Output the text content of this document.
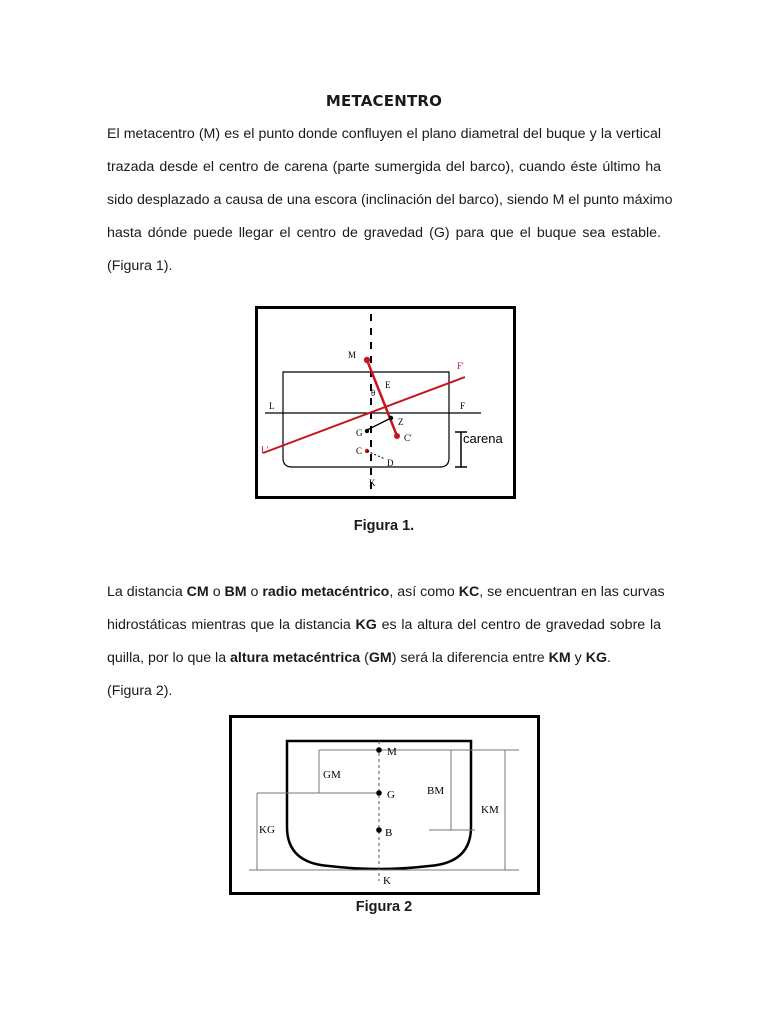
METACENTRO
El metacentro (M) es el punto donde confluyen el plano diametral del buque y la vertical
trazada desde el centro de carena (parte sumergida del barco), cuando éste último ha
sido desplazado a causa de una escora (inclinación del barco), siendo M el punto máximo
hasta dónde puede llegar el centro de gravedad (G) para que el buque sea estable.
(Figura 1).
M
F'
E
θ
L	F
Z
G	C'
C
L'
D
K
carena
Figura 1.
La distancia CM o BM o radio metacéntrico, así como KC, se encuentran en las curvas
hidrostáticas mientras que la distancia KG es la altura del centro de gravedad sobre la
quilla, por lo que la altura metacéntrica (GM) será la diferencia entre KM y KG.
(Figura 2).
M
GM
G	BM
KM
KG	B
K
Figura 2
